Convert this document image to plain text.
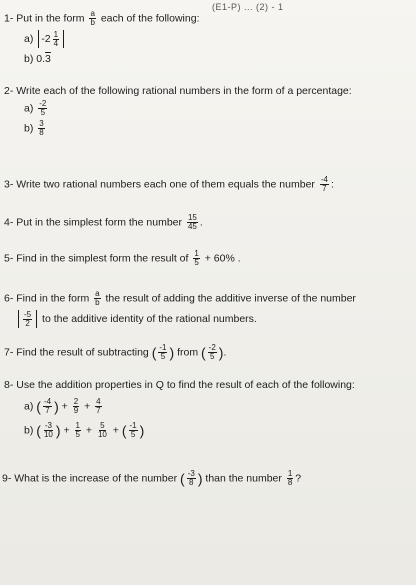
(E1-P) ... (2) - 1
1- Put in the form $\frac{a}{b}$ each of the following:
a) $-2 \frac{1}{4}$
b) 0.3
2- Write each of the following rational numbers in the form of a percentage:
$a) \frac{-2}{5}$
$b) \frac{3}{8}$
3- Write two rational numbers each one of them equals the number $\frac{-4}{7}$ :
4- Put in the simplest form the number $\frac{15}{45}$ .
5- Find in the simplest form the result of $\frac{1}{5} + 60\%$ .
6- Find in the form $\frac{a}{b}$ the result of adding the additive inverse of the number
$\frac{-5}{2}$ to the additive identity of the rational numbers.
7- Find the result of subtracting ( $\frac{-1}{5}$ ) from ( $\frac{-2}{5}$ ).
8- Use the addition properties in Q to find the result of each of the following:
a) ( $\frac{-4}{7}$ ) + $\frac{2}{9} + \frac{4}{7}$
b) ( $\frac{-3}{10}$ ) + $\frac{1}{5} + \frac{5}{10}$ + ( $\frac{-1}{5}$ )
9- What is the increase of the number ( $\frac{-3}{8}$ ) than the number $\frac{1}{8}$ ?
